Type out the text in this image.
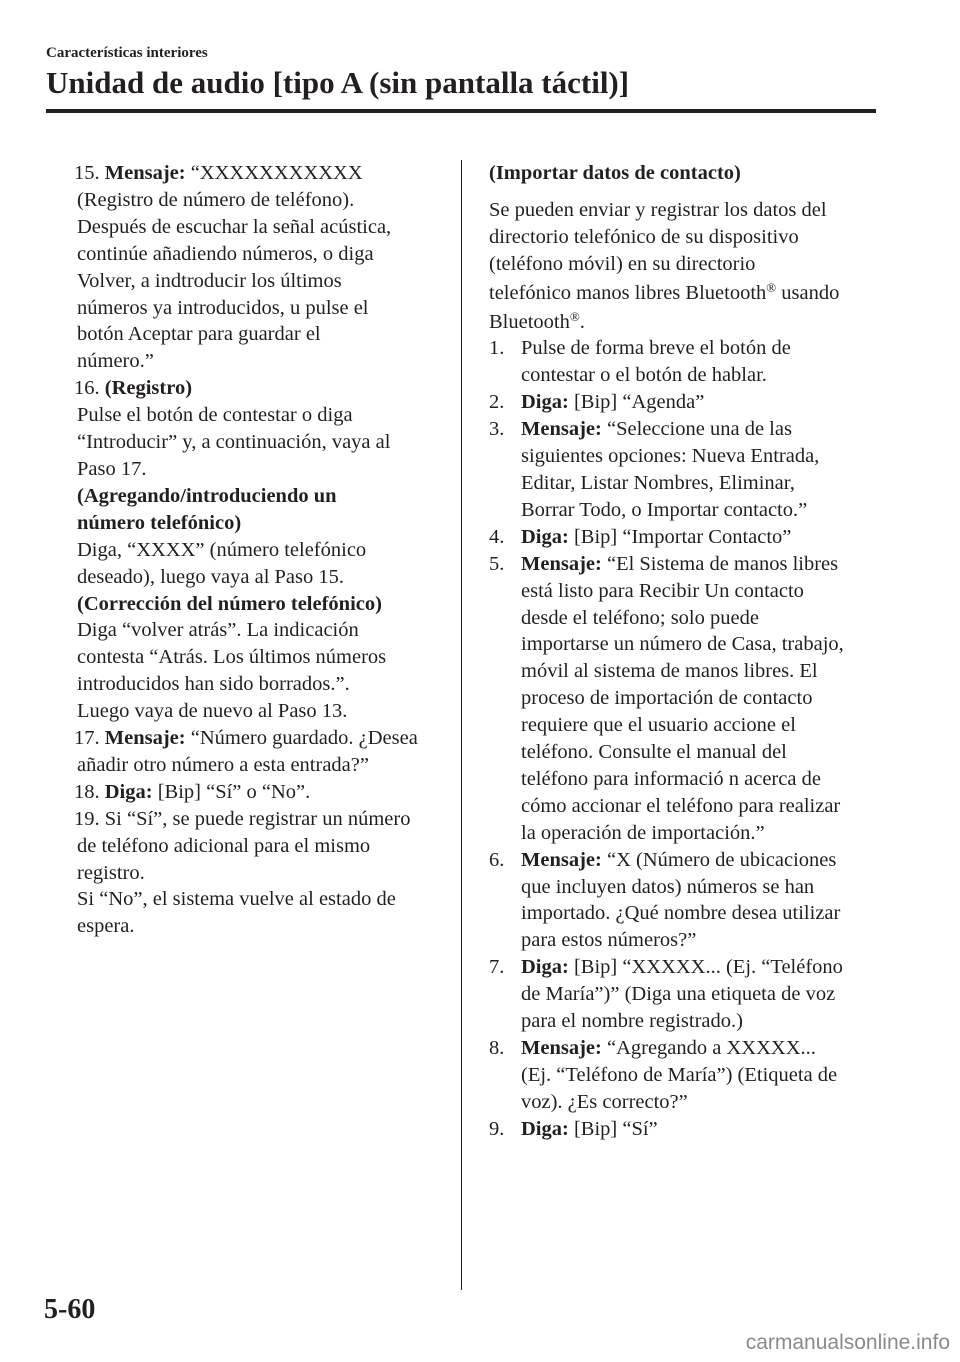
Características interiores
Unidad de audio [tipo A (sin pantalla táctil)]
15. Mensaje: “XXXXXXXXXXX
(Registro de número de teléfono).
Después de escuchar la señal acústica,
continúe añadiendo números, o diga
Volver, a indtroducir los últimos
números ya introducidos, u pulse el
botón Aceptar para guardar el
número.”
16. (Registro)
Pulse el botón de contestar o diga
“Introducir” y, a continuación, vaya al
Paso 17.
(Agregando/introduciendo un
número telefónico)
Diga, “XXXX” (número telefónico
deseado), luego vaya al Paso 15.
(Corrección del número telefónico)
Diga “volver atrás”. La indicación
contesta “Atrás. Los últimos números
introducidos han sido borrados.”.
Luego vaya de nuevo al Paso 13.
17. Mensaje: “Número guardado. ¿Desea
añadir otro número a esta entrada?”
18. Diga: [Bip] “Sí” o “No”.
19. Si “Sí”, se puede registrar un número
de teléfono adicional para el mismo
registro.
Si “No”, el sistema vuelve al estado de
espera.
(Importar datos de contacto)
Se pueden enviar y registrar los datos del
directorio telefónico de su dispositivo
(teléfono móvil) en su directorio
telefónico manos libres Bluetooth® usando
Bluetooth®.
1. Pulse de forma breve el botón de
contestar o el botón de hablar.
2. Diga: [Bip] “Agenda”
3. Mensaje: “Seleccione una de las
siguientes opciones: Nueva Entrada,
Editar, Listar Nombres, Eliminar,
Borrar Todo, o Importar contacto.”
4. Diga: [Bip] “Importar Contacto”
5. Mensaje: “El Sistema de manos libres
está listo para Recibir Un contacto
desde el teléfono; solo puede
importarse un número de Casa, trabajo,
móvil al sistema de manos libres. El
proceso de importación de contacto
requiere que el usuario accione el
teléfono. Consulte el manual del
teléfono para informació n acerca de
cómo accionar el teléfono para realizar
la operación de importación.”
6. Mensaje: “X (Número de ubicaciones
que incluyen datos) números se han
importado. ¿Qué nombre desea utilizar
para estos números?”
7. Diga: [Bip] “XXXXX... (Ej. “Teléfono
de María”)” (Diga una etiqueta de voz
para el nombre registrado.)
8. Mensaje: “Agregando a XXXXX...
(Ej. “Teléfono de María”) (Etiqueta de
voz). ¿Es correcto?”
9. Diga: [Bip] “Sí”
5-60
carmanualsonline.info
